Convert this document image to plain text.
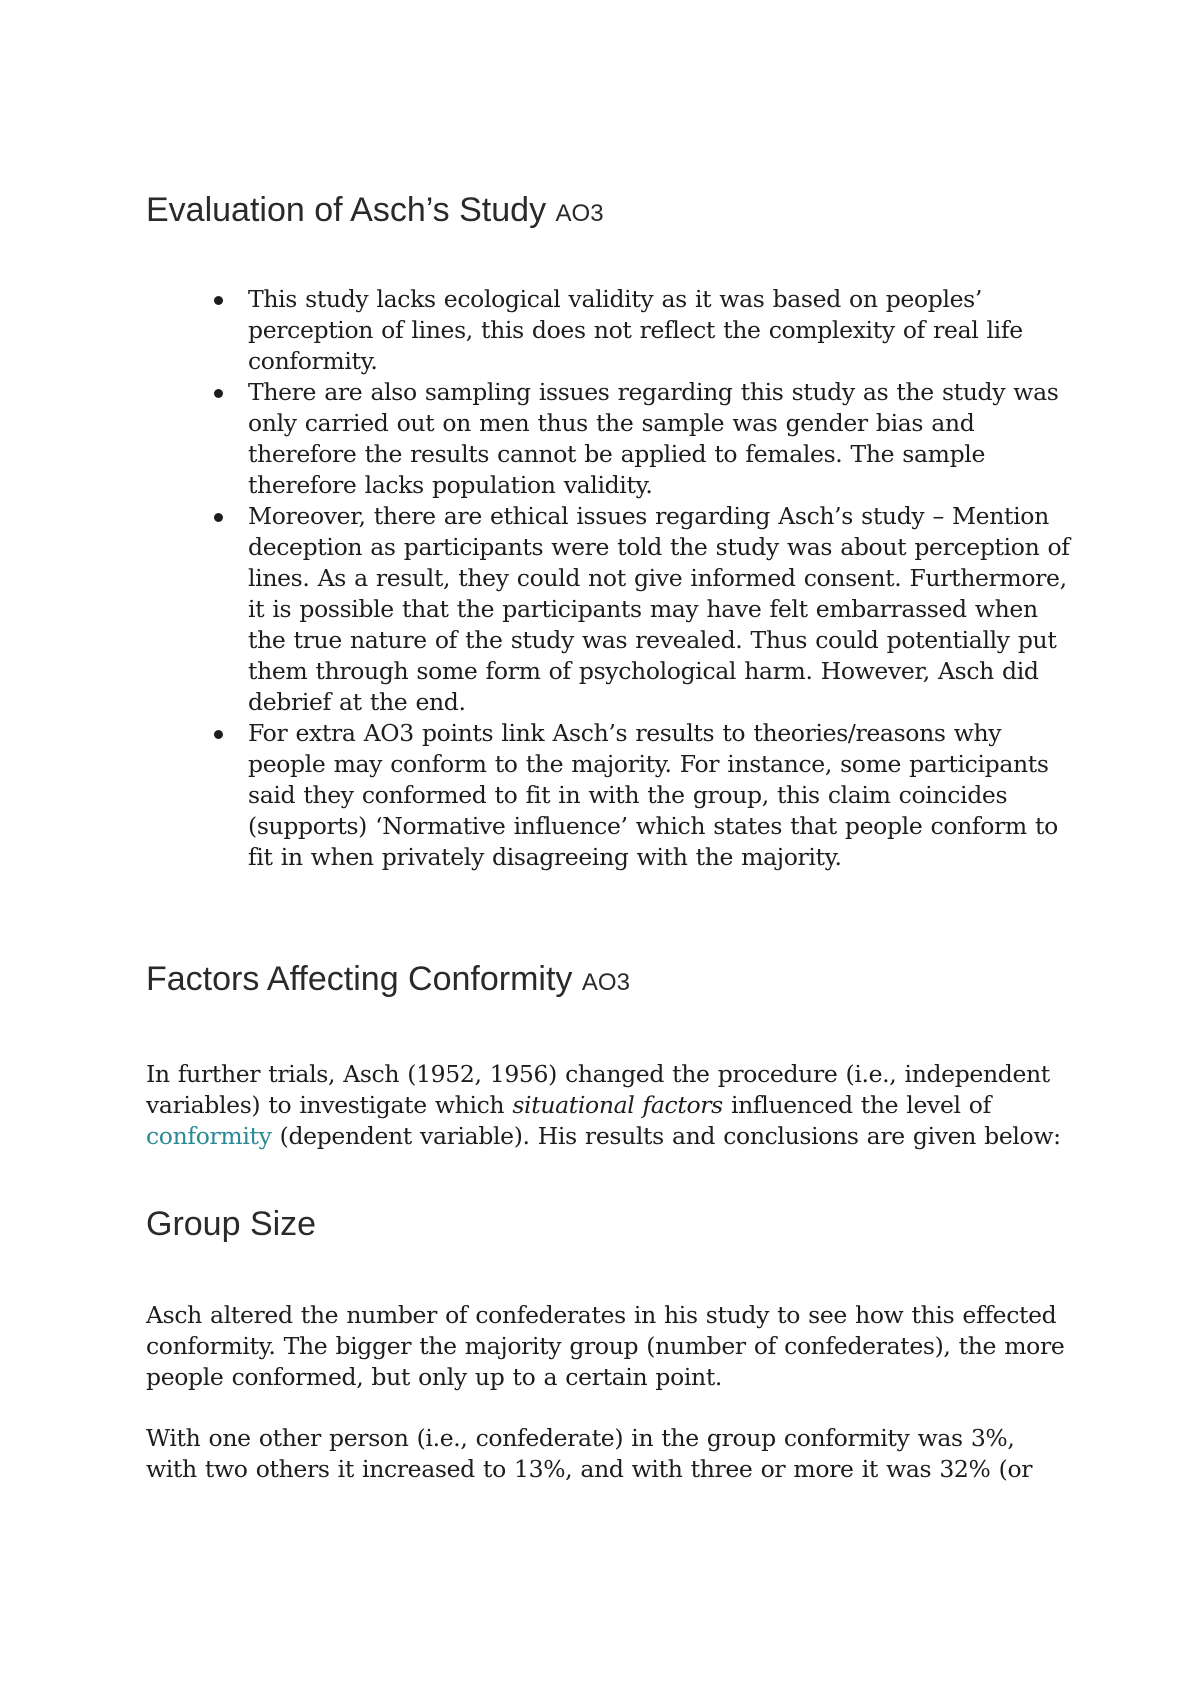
Evaluation of Asch’s Study AO3
This study lacks ecological validity as it was based on peoples’ perception of lines, this does not reflect the complexity of real life conformity.
There are also sampling issues regarding this study as the study was only carried out on men thus the sample was gender bias and therefore the results cannot be applied to females. The sample therefore lacks population validity.
Moreover, there are ethical issues regarding Asch’s study – Mention deception as participants were told the study was about perception of lines. As a result, they could not give informed consent. Furthermore, it is possible that the participants may have felt embarrassed when the true nature of the study was revealed. Thus could potentially put them through some form of psychological harm. However, Asch did debrief at the end.
For extra AO3 points link Asch’s results to theories/reasons why people may conform to the majority. For instance, some participants said they conformed to fit in with the group, this claim coincides (supports) ‘Normative influence’ which states that people conform to fit in when privately disagreeing with the majority.
Factors Affecting Conformity AO3

In further trials, Asch (1952, 1956) changed the procedure (i.e., independent variables) to investigate which situational factors influenced the level of conformity (dependent variable). His results and conclusions are given below:

Group Size

Asch altered the number of confederates in his study to see how this effected conformity. The bigger the majority group (number of confederates), the more people conformed, but only up to a certain point.

With one other person (i.e., confederate) in the group conformity was 3%, with two others it increased to 13%, and with three or more it was 32% (or
